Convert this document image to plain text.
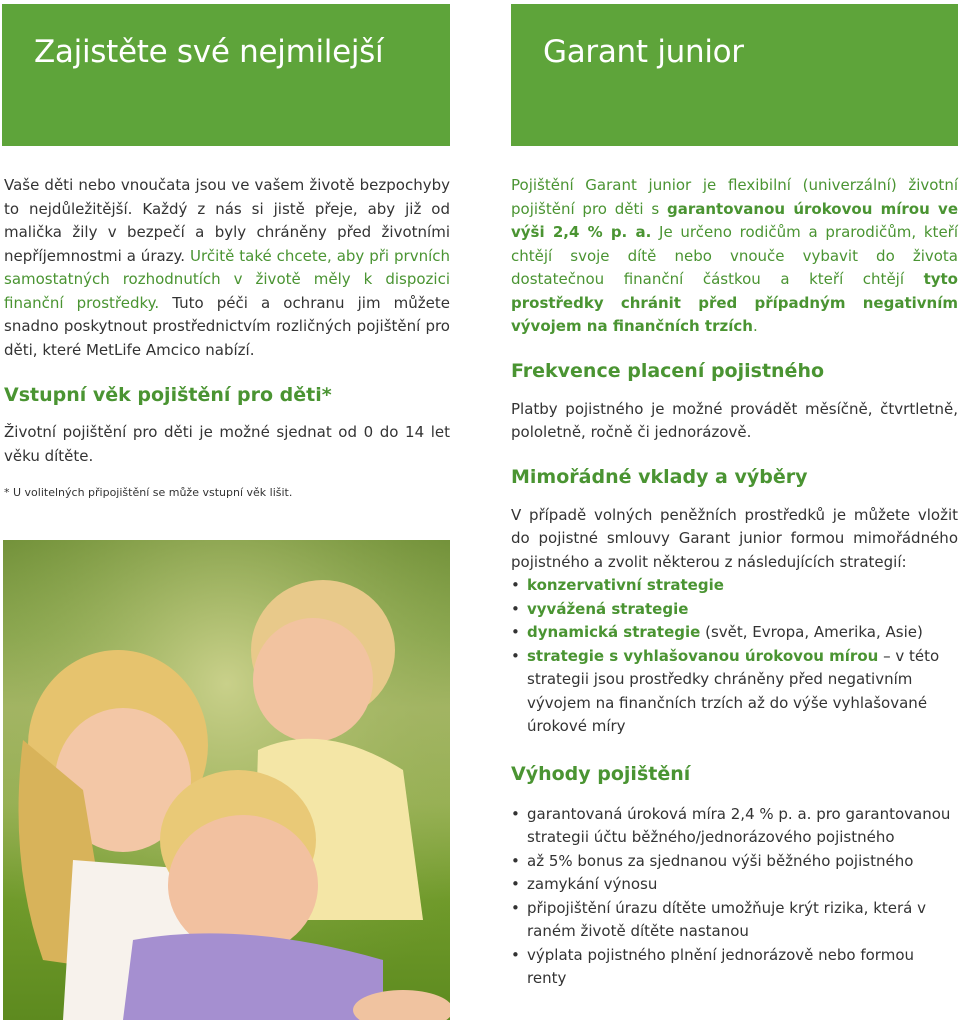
Zajistěte své nejmilejší	Garant junior

Vaše děti nebo vnoučata jsou ve vašem životě bezpochyby to nejdůležitější. Každý z nás si jistě přeje, aby již od malička žily v bezpečí a byly chráněny před životními nepříjemnostmi a úrazy. Určitě také chcete, aby při prvních samostatných rozhodnutích v životě měly k dispozici finanční prostředky. Tuto péči a ochranu jim můžete snadno poskytnout prostřednictvím rozličných pojištění pro děti, které MetLife Amcico nabízí.

Vstupní věk pojištění pro děti*

Životní pojištění pro děti je možné sjednat od 0 do 14 let věku dítěte.

* U volitelných připojištění se může vstupní věk lišit.

Pojištění Garant junior je flexibilní (univerzální) životní pojištění pro děti s garantovanou úrokovou mírou ve výši 2,4 % p. a. Je určeno rodičům a prarodičům, kteří chtějí svoje dítě nebo vnouče vybavit do života dostatečnou finanční částkou a kteří chtějí tyto prostředky chránit před případným negativním vývojem na finančních trzích.

Frekvence placení pojistného

Platby pojistného je možné provádět měsíčně, čtvrtletně, pololetně, ročně či jednorázově.

Mimořádné vklady a výběry

V případě volných peněžních prostředků je můžete vložit do pojistné smlouvy Garant junior formou mimořádného pojistného a zvolit některou z následujících strategií:

• konzervativní strategie
• vyvážená strategie
• dynamická strategie (svět, Evropa, Amerika, Asie)
• strategie s vyhlašovanou úrokovou mírou – v této strategii jsou prostředky chráněny před negativním vývojem na finančních trzích až do výše vyhlašované úrokové míry
Výhody pojištění
• garantovaná úroková míra 2,4 % p. a. pro garantovanou strategii účtu běžného/jednorázového pojistného
• až 5% bonus za sjednanou výši běžného pojistného
• zamykání výnosu
• připojištění úrazu dítěte umožňuje krýt rizika, která v raném životě dítěte nastanou
• výplata pojistného plnění jednorázově nebo formou renty
